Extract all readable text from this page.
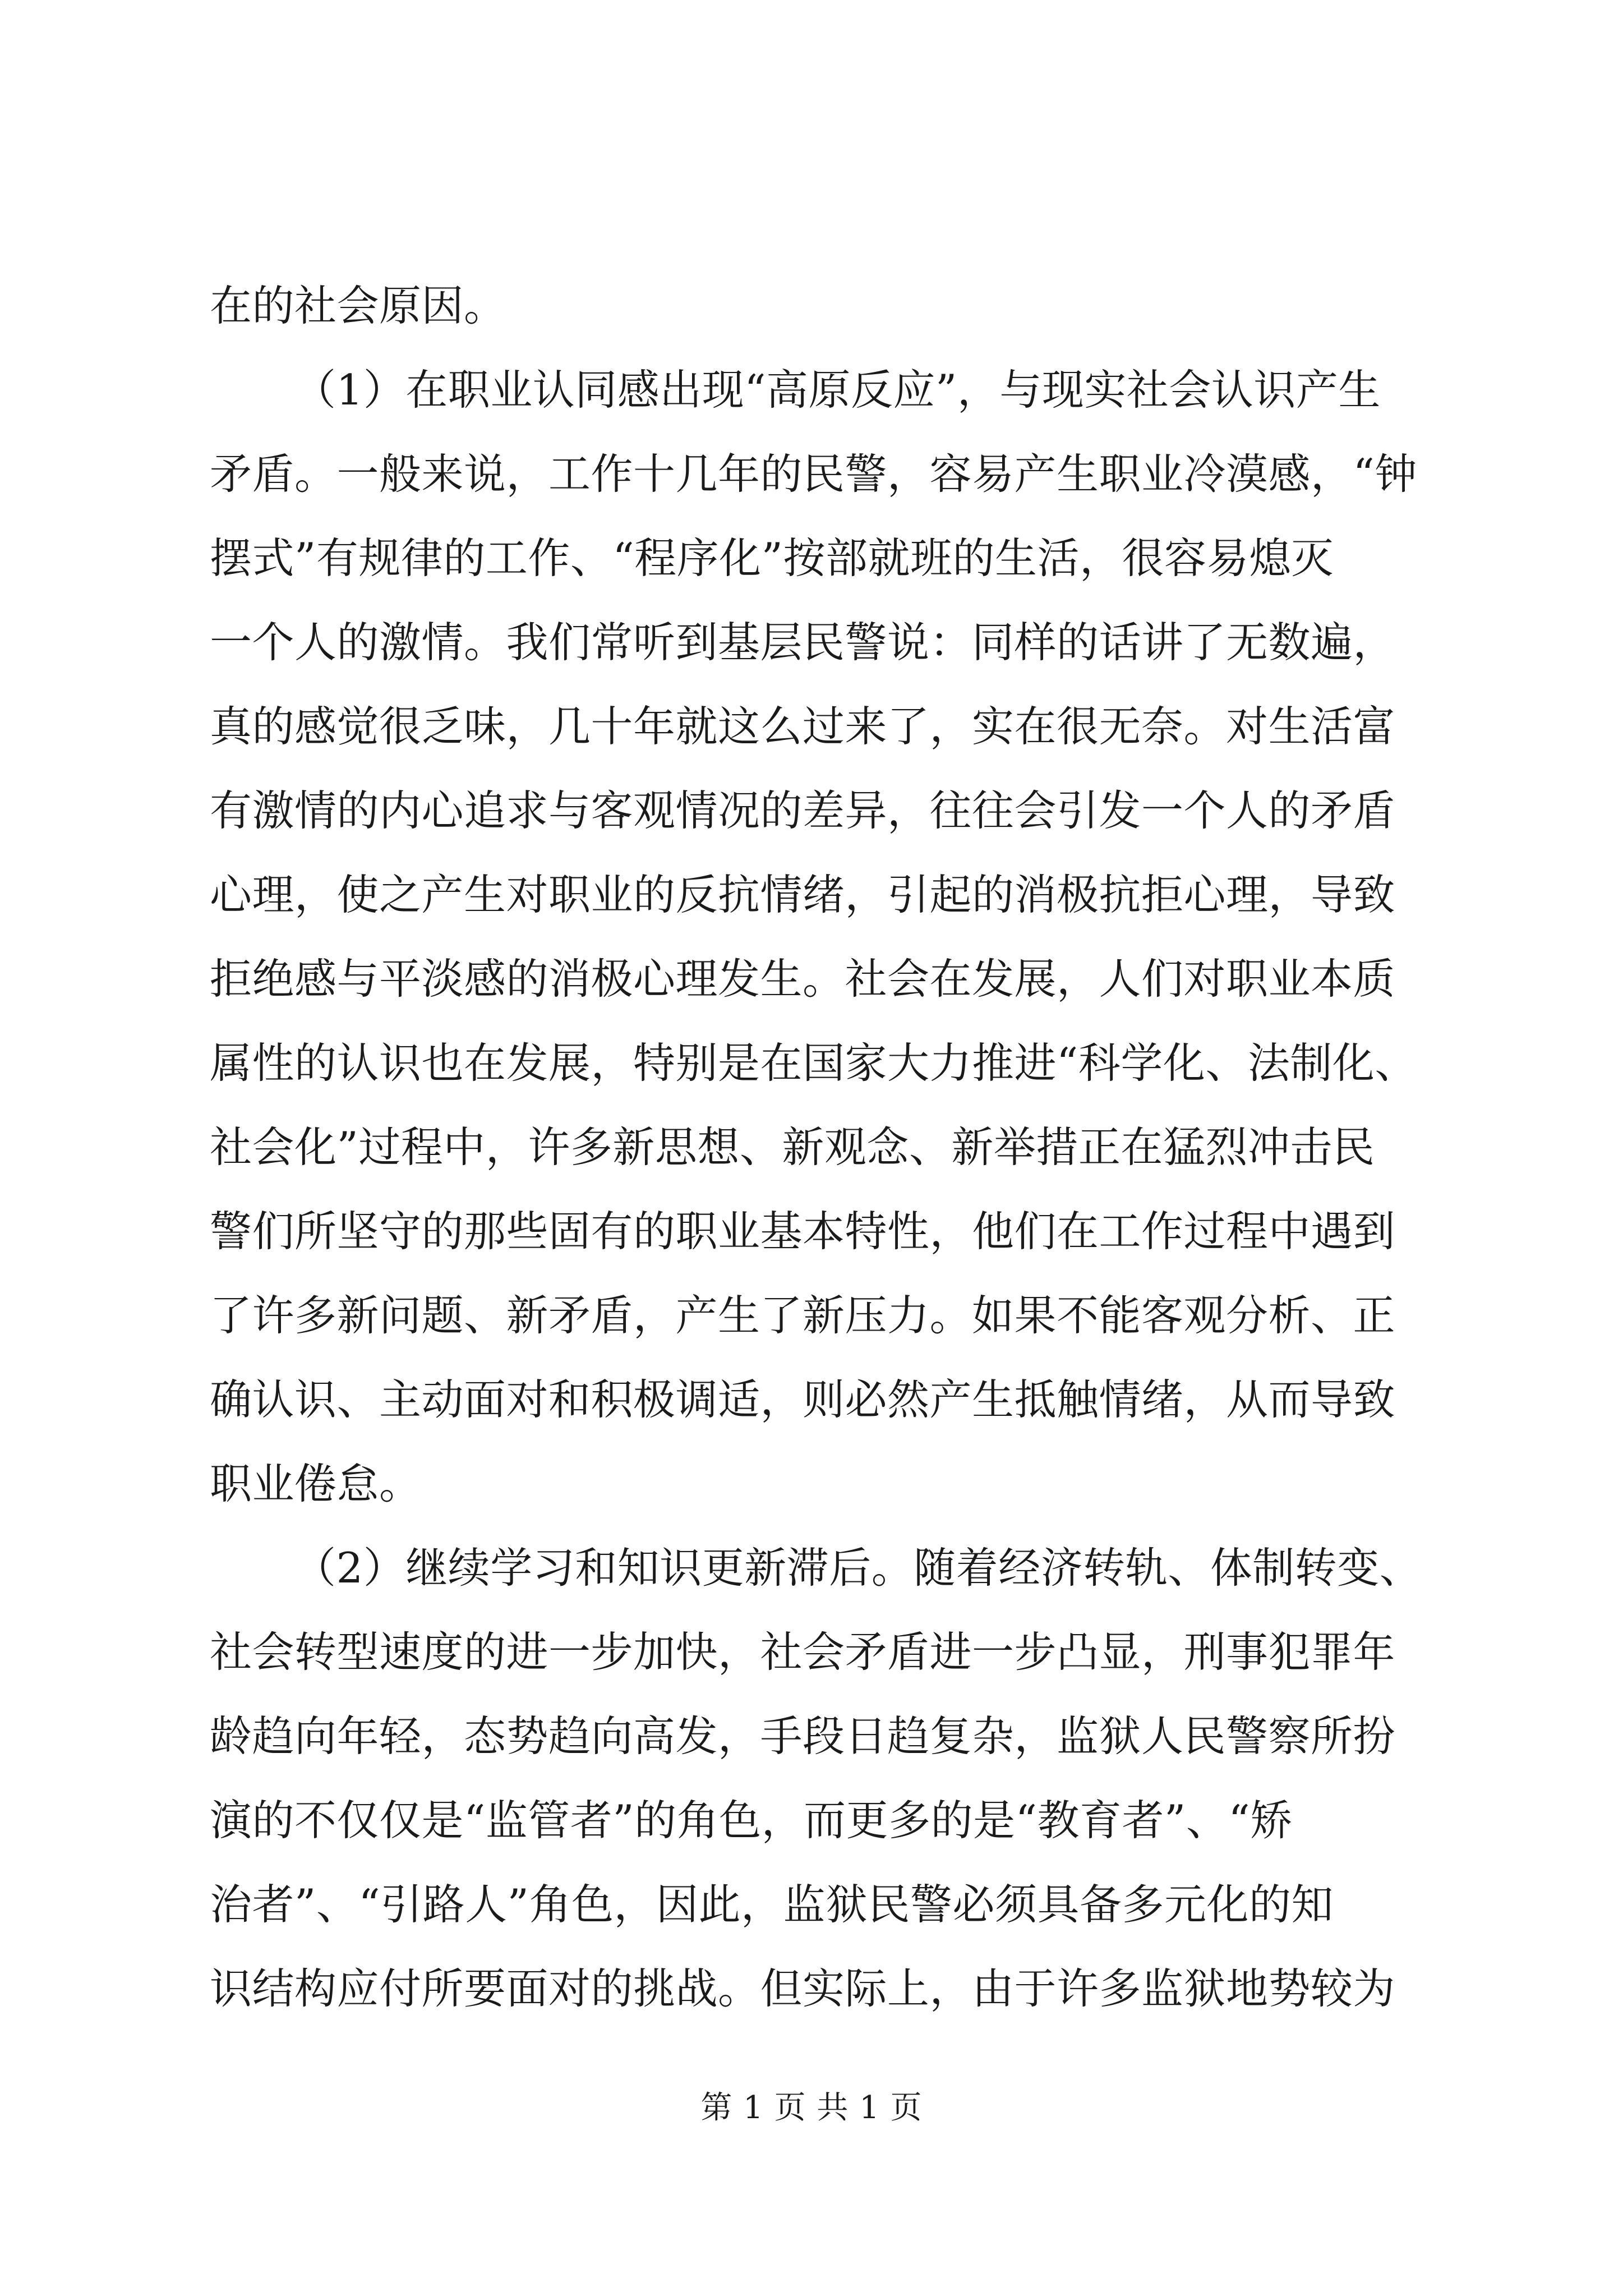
在的社会原因。
（1）在职业认同感出现“高原反应”，与现实社会认识产生
矛盾。一般来说，工作十几年的民警，容易产生职业冷漠感，“钟
摆式”有规律的工作、“程序化”按部就班的生活，很容易熄灭
一个人的激情。我们常听到基层民警说：同样的话讲了无数遍，
真的感觉很乏味，几十年就这么过来了，实在很无奈。对生活富
有激情的内心追求与客观情况的差异，往往会引发一个人的矛盾
心理，使之产生对职业的反抗情绪，引起的消极抗拒心理，导致
拒绝感与平淡感的消极心理发生。社会在发展，人们对职业本质
属性的认识也在发展，特别是在国家大力推进“科学化、法制化、
社会化”过程中，许多新思想、新观念、新举措正在猛烈冲击民
警们所坚守的那些固有的职业基本特性，他们在工作过程中遇到
了许多新问题、新矛盾，产生了新压力。如果不能客观分析、正
确认识、主动面对和积极调适，则必然产生抵触情绪，从而导致
职业倦怠。
（2）继续学习和知识更新滞后。随着经济转轨、体制转变、
社会转型速度的进一步加快，社会矛盾进一步凸显，刑事犯罪年
龄趋向年轻，态势趋向高发，手段日趋复杂，监狱人民警察所扮
演的不仅仅是“监管者”的角色，而更多的是“教育者”、“矫
治者”、“引路人”角色，因此，监狱民警必须具备多元化的知
识结构应付所要面对的挑战。但实际上，由于许多监狱地势较为
第 1 页 共 1 页
